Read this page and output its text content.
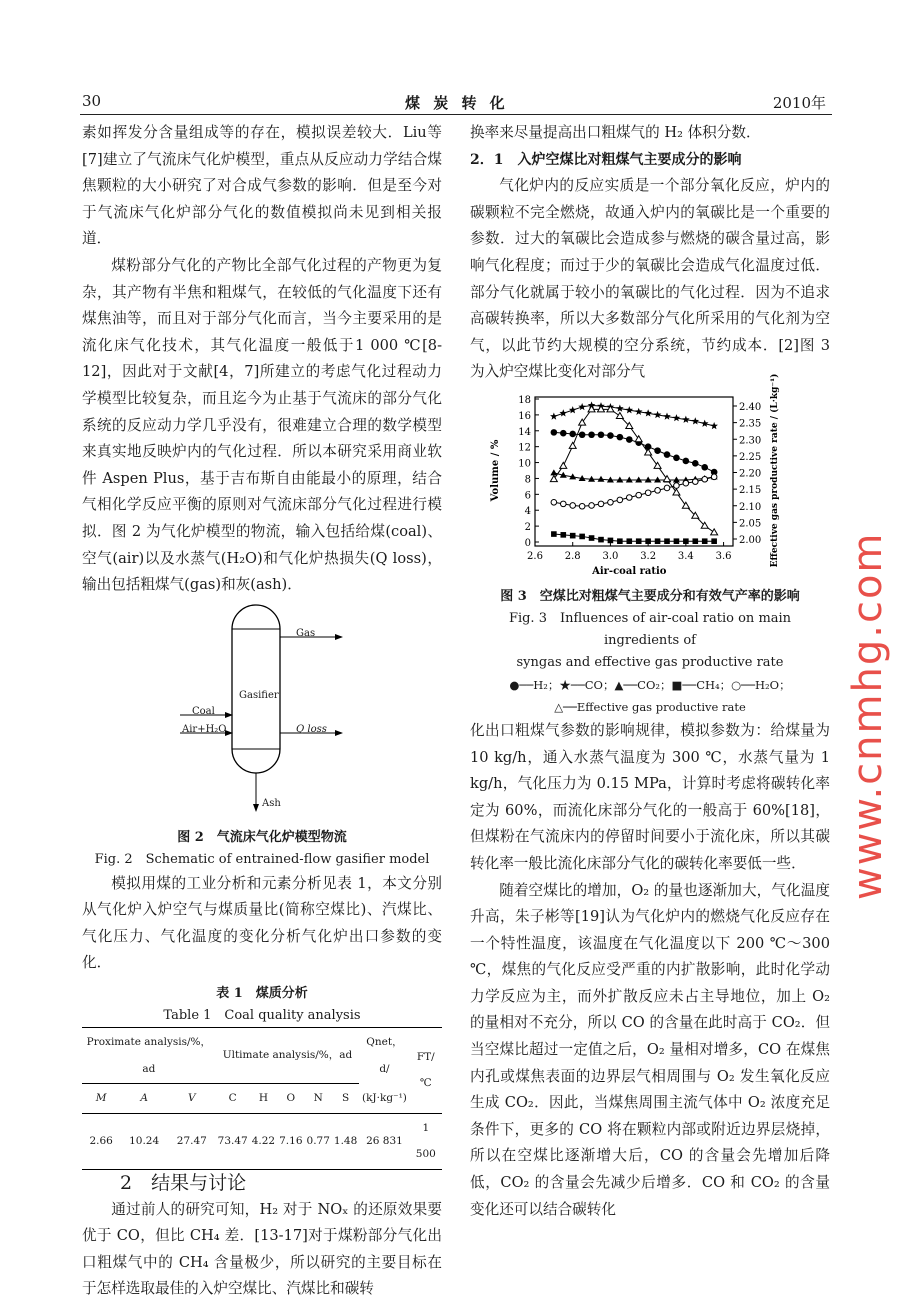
30	煤 炭 转 化	2010年

素如挥发分含量组成等的存在，模拟误差较大．Liu等[7]建立了气流床气化炉模型，重点从反应动力学结合煤焦颗粒的大小研究了对合成气参数的影响．但是至今对于气流床气化炉部分气化的数值模拟尚未见到相关报道．

煤粉部分气化的产物比全部气化过程的产物更为复杂，其产物有半焦和粗煤气，在较低的气化温度下还有煤焦油等，而且对于部分气化而言，当今主要采用的是流化床气化技术，其气化温度一般低于1 000 ℃[8-12]，因此对于文献[4，7]所建立的考虑气化过程动力学模型比较复杂，而且迄今为止基于气流床的部分气化系统的反应动力学几乎没有，很难建立合理的数学模型来真实地反映炉内的气化过程．所以本研究采用商业软件 Aspen Plus，基于吉布斯自由能最小的原理，结合气相化学反应平衡的原则对气流床部分气化过程进行模拟．图 2 为气化炉模型的物流，输入包括给煤(coal)、空气(air)以及水蒸气(H₂O)和气化炉热损失(Q loss)，输出包括粗煤气(gas)和灰(ash)．

Gasifier
Gas
Coal
Air+H₂O	Q loss
Ash
图 2　气流床气化炉模型物流
Fig. 2　Schematic of entrained-flow gasifier model

模拟用煤的工业分析和元素分析见表 1，本文分别从气化炉入炉空气与煤质量比(简称空煤比)、汽煤比、气化压力、气化温度的变化分析气化炉出口参数的变化．

表 1　煤质分析
Table 1　Coal quality analysis
Proximate analysis/%，ad			Ultimate analysis/%，ad					Qnet，d/	FT/℃
M	A	V	C	H	O	N	S	(kJ·kg⁻¹)	
2.66	10.24	27.47	73.47	4.22	7.16	0.77	1.48	26 831	1 500

2　结果与讨论

通过前人的研究可知，H₂ 对于 NOₓ 的还原效果要优于 CO，但比 CH₄ 差．[13-17]对于煤粉部分气化出口粗煤气中的 CH₄ 含量极少，所以研究的主要目标在于怎样选取最佳的入炉空煤比、汽煤比和碳转

换率来尽量提高出口粗煤气的 H₂ 体积分数．

2．1　入炉空煤比对粗煤气主要成分的影响

气化炉内的反应实质是一个部分氧化反应，炉内的碳颗粒不完全燃烧，故通入炉内的氧碳比是一个重要的参数．过大的氧碳比会造成参与燃烧的碳含量过高，影响气化程度；而过于少的氧碳比会造成气化温度过低．部分气化就属于较小的氧碳比的气化过程．因为不追求高碳转换率，所以大多数部分气化所采用的气化剂为空气，以此节约大规模的空分系统，节约成本．[2]图 3 为入炉空煤比变化对部分气

2.6 2.8 3.0 3.2 3.4 3.6
0
2
4
6
8
10
12
14
16
18
2.00
2.05
2.10
2.15
2.20
2.25
2.30
2.35
2.40
Air-coal ratio
Volume / %	Effective gas productive rate / (L·kg⁻¹)
图 3　空煤比对粗煤气主要成分和有效气产率的影响
Fig. 3　Influences of air-coal ratio on main ingredients of
syngas and effective gas productive rate
●──H₂；★──CO；▲──CO₂；■──CH₄；○──H₂O；
△──Effective gas productive rate

化出口粗煤气参数的影响规律，模拟参数为：给煤量为 10 kg/h，通入水蒸气温度为 300 ℃，水蒸气量为 1 kg/h，气化压力为 0.15 MPa，计算时考虑将碳转化率定为 60%，而流化床部分气化的一般高于 60%[18]，但煤粉在气流床内的停留时间要小于流化床，所以其碳转化率一般比流化床部分气化的碳转化率要低一些．

随着空煤比的增加，O₂ 的量也逐渐加大，气化温度升高，朱子彬等[19]认为气化炉内的燃烧气化反应存在一个特性温度，该温度在气化温度以下 200 ℃～300 ℃，煤焦的气化反应受严重的内扩散影响，此时化学动力学反应为主，而外扩散反应未占主导地位，加上 O₂ 的量相对不充分，所以 CO 的含量在此时高于 CO₂．但当空煤比超过一定值之后，O₂ 量相对增多，CO 在煤焦内孔或煤焦表面的边界层气相周围与 O₂ 发生氧化反应生成 CO₂．因此，当煤焦周围主流气体中 O₂ 浓度充足条件下，更多的 CO 将在颗粒内部或附近边界层烧掉，所以在空煤比逐渐增大后，CO 的含量会先增加后降低，CO₂ 的含量会先减少后增多．CO 和 CO₂ 的含量变化还可以结合碳转化

www.cnmhg.com
